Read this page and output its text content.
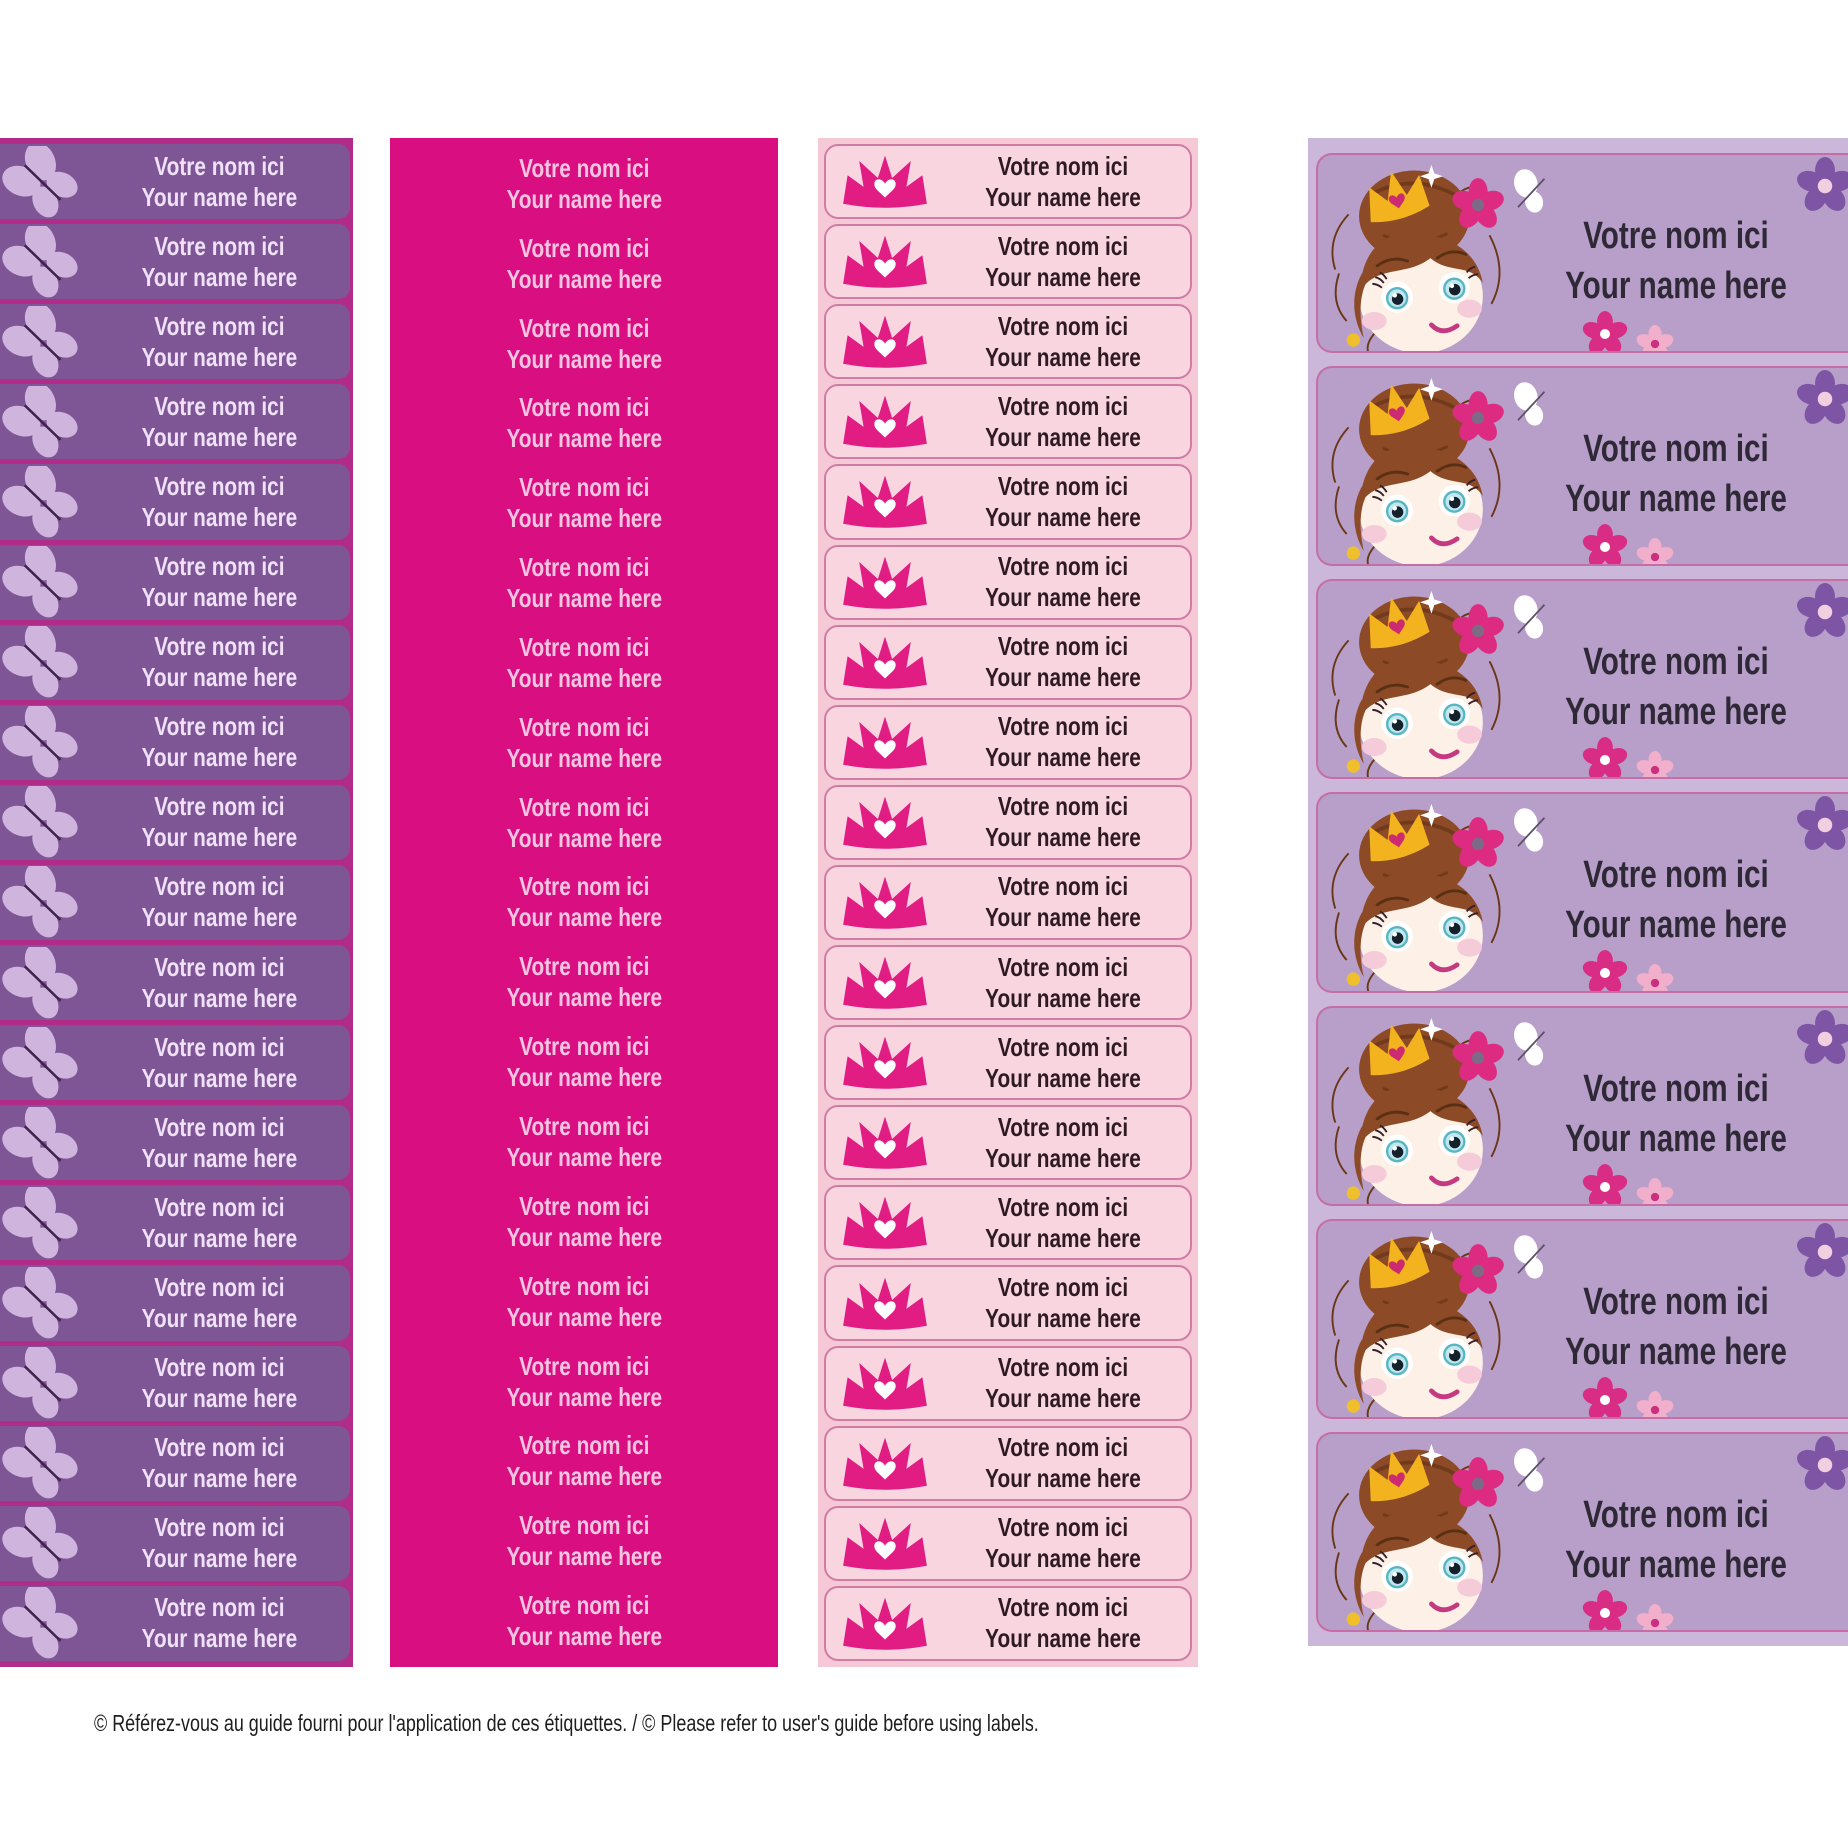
Votre nom ici
Your name here
Votre nom ici
Your name here
Votre nom ici
Your name here
Votre nom ici
Your name here
Votre nom ici
Your name here
Votre nom ici
Your name here
Votre nom ici
Your name here
Votre nom ici
Your name here
Votre nom ici
Your name here
Votre nom ici
Your name here
Votre nom ici
Your name here
Votre nom ici
Your name here
Votre nom ici
Your name here
Votre nom ici
Your name here
Votre nom ici
Your name here
Votre nom ici
Your name here
Votre nom ici
Your name here
Votre nom ici
Your name here
Votre nom ici
Your name here
Votre nom ici
Your name here
Votre nom ici
Your name here
Votre nom ici
Your name here
Votre nom ici
Your name here
Votre nom ici
Your name here
Votre nom ici
Your name here
Votre nom ici
Your name here
Votre nom ici
Your name here
Votre nom ici
Your name here
Votre nom ici
Your name here
Votre nom ici
Your name here
Votre nom ici
Your name here
Votre nom ici
Your name here
Votre nom ici
Your name here
Votre nom ici
Your name here
Votre nom ici
Your name here
Votre nom ici
Your name here
Votre nom ici
Your name here
Votre nom ici
Your name here
Votre nom ici
Your name here
Votre nom ici
Your name here
Votre nom ici
Your name here
Votre nom ici
Your name here
Votre nom ici
Your name here
Votre nom ici
Your name here
Votre nom ici
Your name here
Votre nom ici
Your name here
Votre nom ici
Your name here
Votre nom ici
Your name here
Votre nom ici
Your name here
Votre nom ici
Your name here
Votre nom ici
Your name here
Votre nom ici
Your name here
Votre nom ici
Your name here
Votre nom ici
Your name here
Votre nom ici
Your name here
Votre nom ici
Your name here
Votre nom ici
Your name here
Votre nom ici
Your name here
Votre nom ici
Your name here
Votre nom ici
Your name here
Votre nom ici
Your name here
Votre nom ici
Your name here
Votre nom ici
Your name here
Votre nom ici
Your name here
© Référez-vous au guide fourni pour l'application de ces étiquettes. / © Please refer to user's guide before using labels.
